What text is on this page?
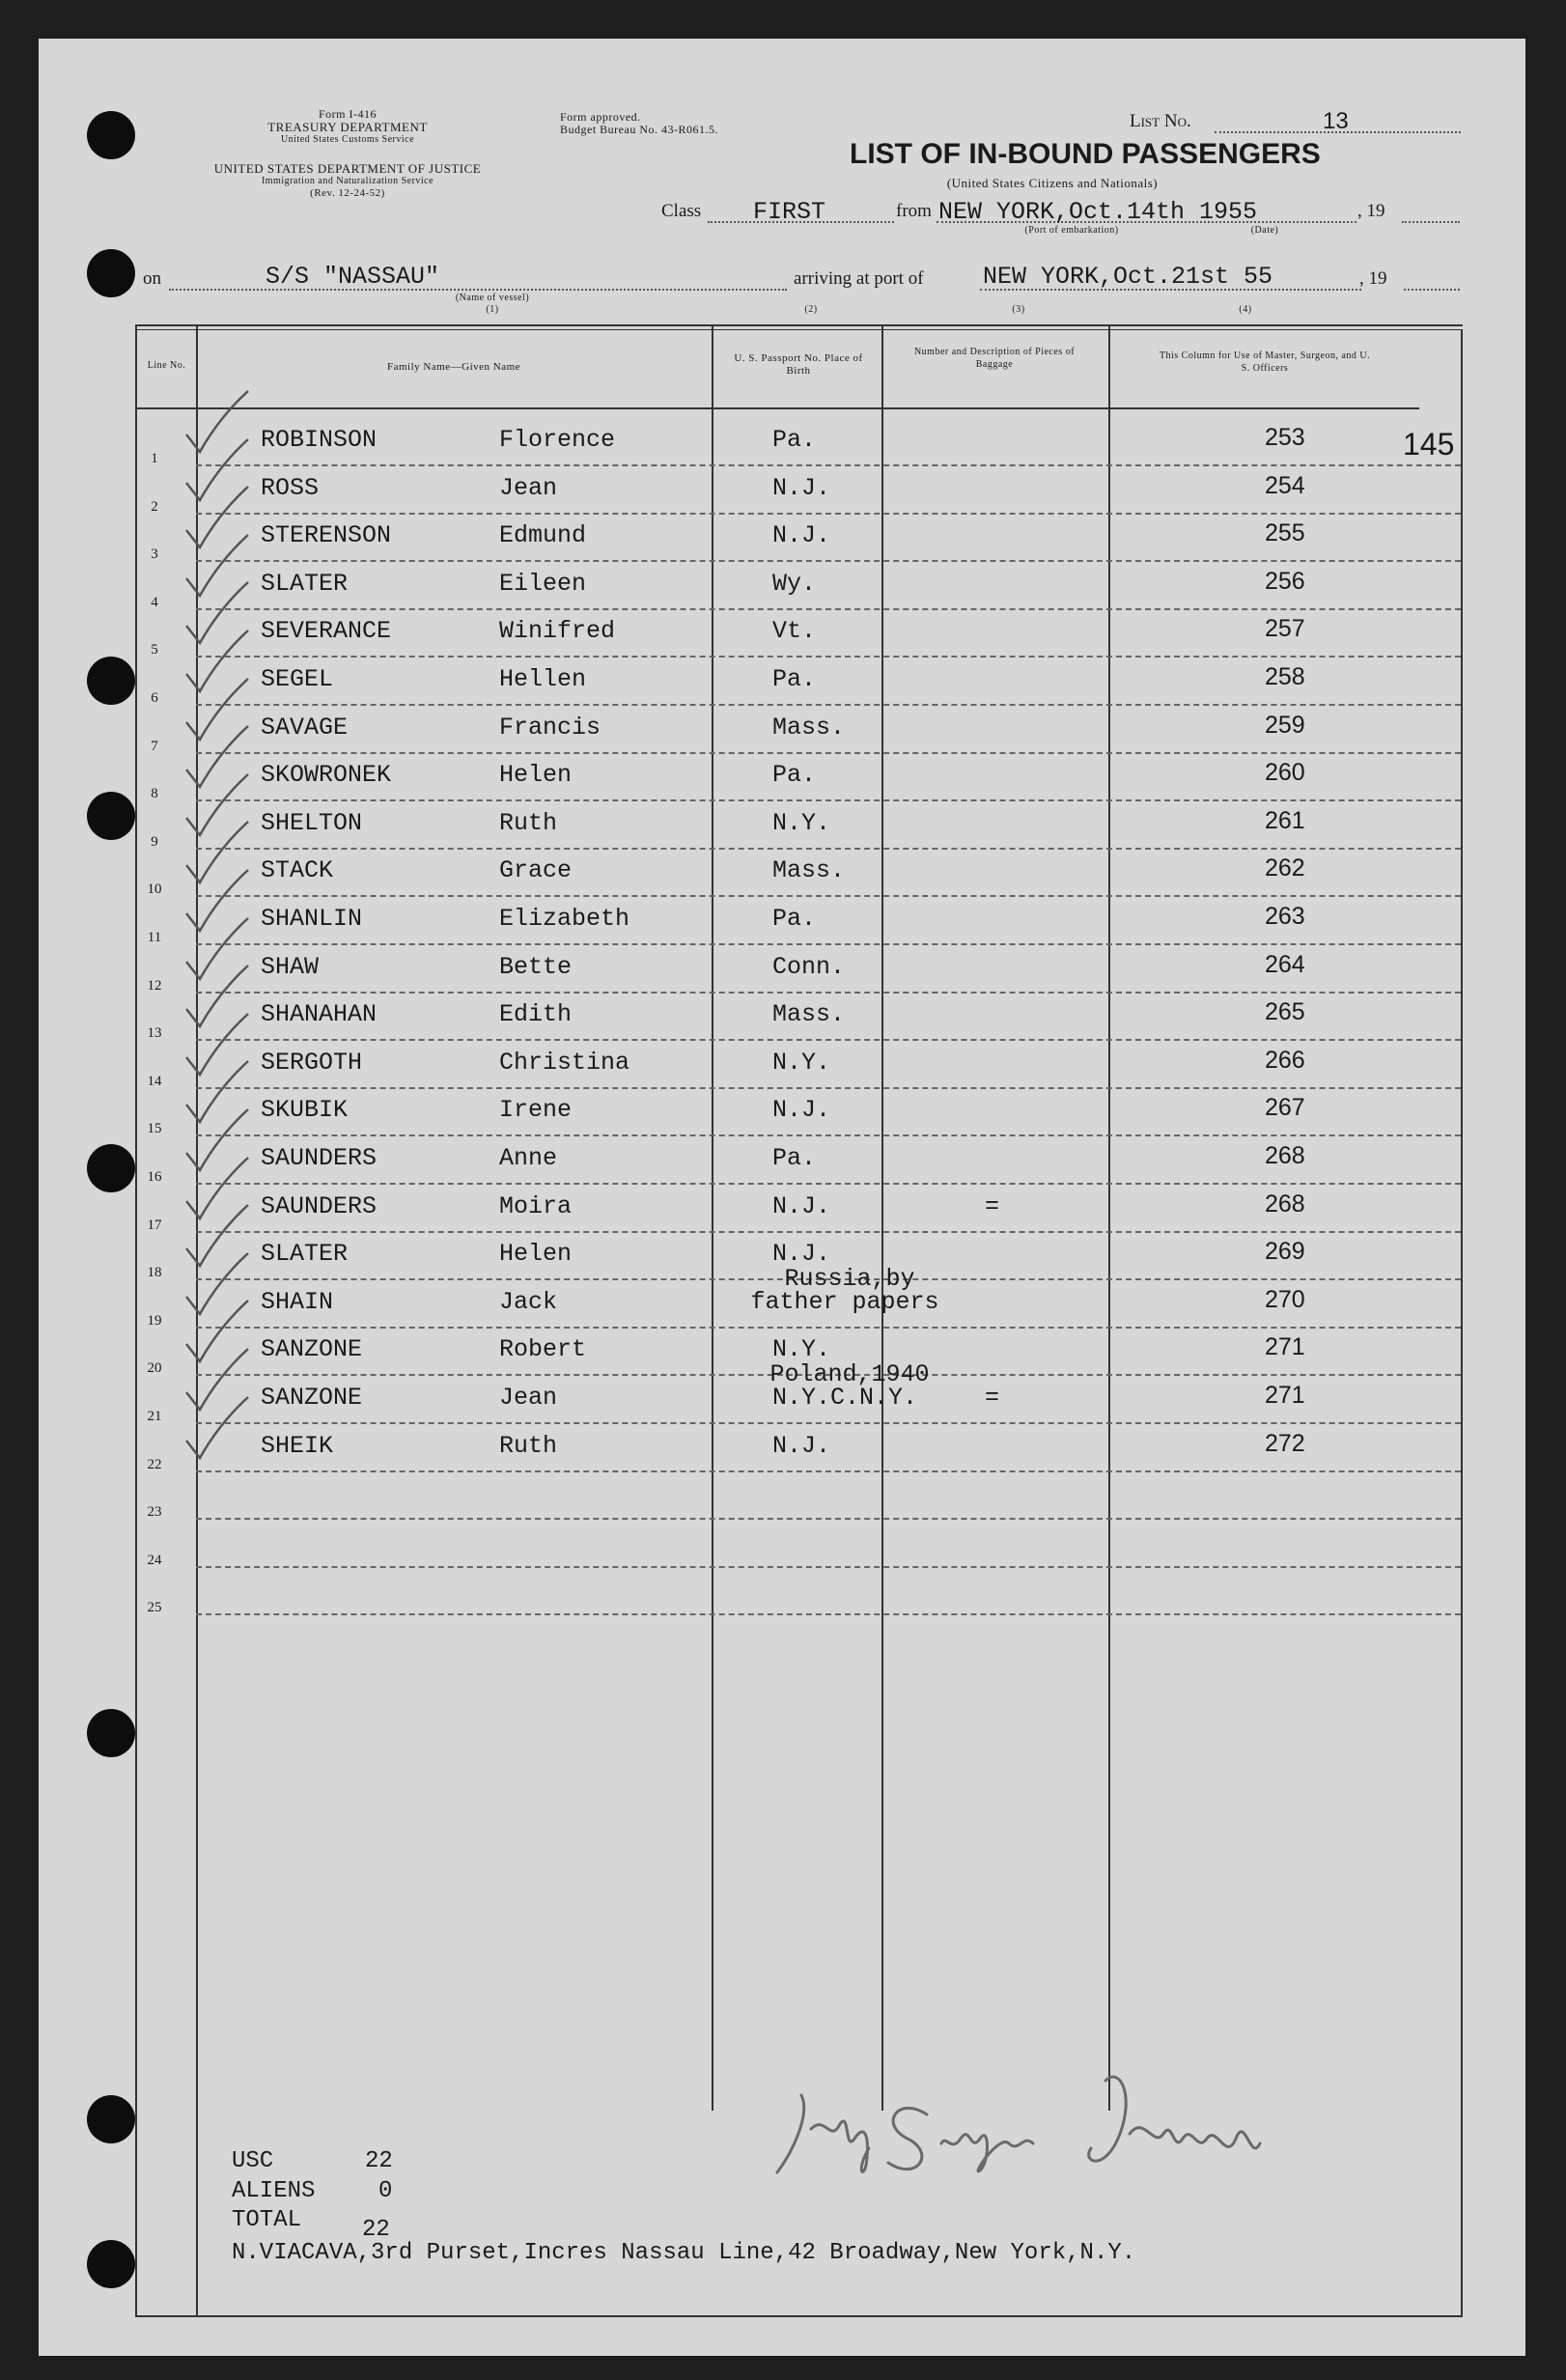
Form I-416
TREASURY DEPARTMENT
United States Customs Service
UNITED STATES DEPARTMENT OF JUSTICE
Immigration and Naturalization Service
(Rev. 12-24-52)
Form approved.
Budget Bureau No. 43-R061.5.	List No.	13
LIST OF IN-BOUND PASSENGERS
(United States Citizens and Nationals)
Class FIRST	from NEW YORK,Oct.14th 1955	, 19
(Port of embarkation)	(Date)
on	S/S "NASSAU"
(Name of vessel)
(1)
arriving at port of NEW YORK,Oct.21st 55	, 19
(2)	(3)	(4)
Line No.	Family Name—Given Name
U. S. Passport No. Place of Birth
Number and Description of Pieces of Baggage
This Column for Use of Master, Surgeon, and U. S. Officers
145
1
ROBINSON	Florence	Pa.	253
2
ROSS	Jean	N.J.	254
3
STERENSON	Edmund	N.J.	255
4
SLATER	Eileen	Wy.	256
5
SEVERANCE	Winifred	Vt.	257
6
SEGEL	Hellen	Pa.	258
7
SAVAGE	Francis	Mass.	259
8
SKOWRONEK	Helen	Pa.	260
9
SHELTON	Ruth	N.Y.	261
10
STACK	Grace	Mass.	262
11
SHANLIN	Elizabeth	Pa.	263
12
SHAW	Bette	Conn.	264
13
SHANAHAN	Edith	Mass.	265
14
SERGOTH	Christina	N.Y.	266
15
SKUBIK	Irene	N.J.	267
16
SAUNDERS	Anne	Pa.	268
17
SAUNDERS	Moira	N.J.	=	268
18
SLATER	Helen	N.J.	269
19
SHAIN	Jack
Russia,by
father papers	270
20
SANZONE	Robert	N.Y.	271
21
SANZONE	Jean
Poland,1940
N.Y.C.N.Y.	=	271
22
SHEIK	Ruth	N.J.	272
23
24
25
USC	22
ALIENS	0
TOTAL	22
N.VIACAVA,3rd Purset,Incres Nassau Line,42 Broadway,New York,N.Y.
